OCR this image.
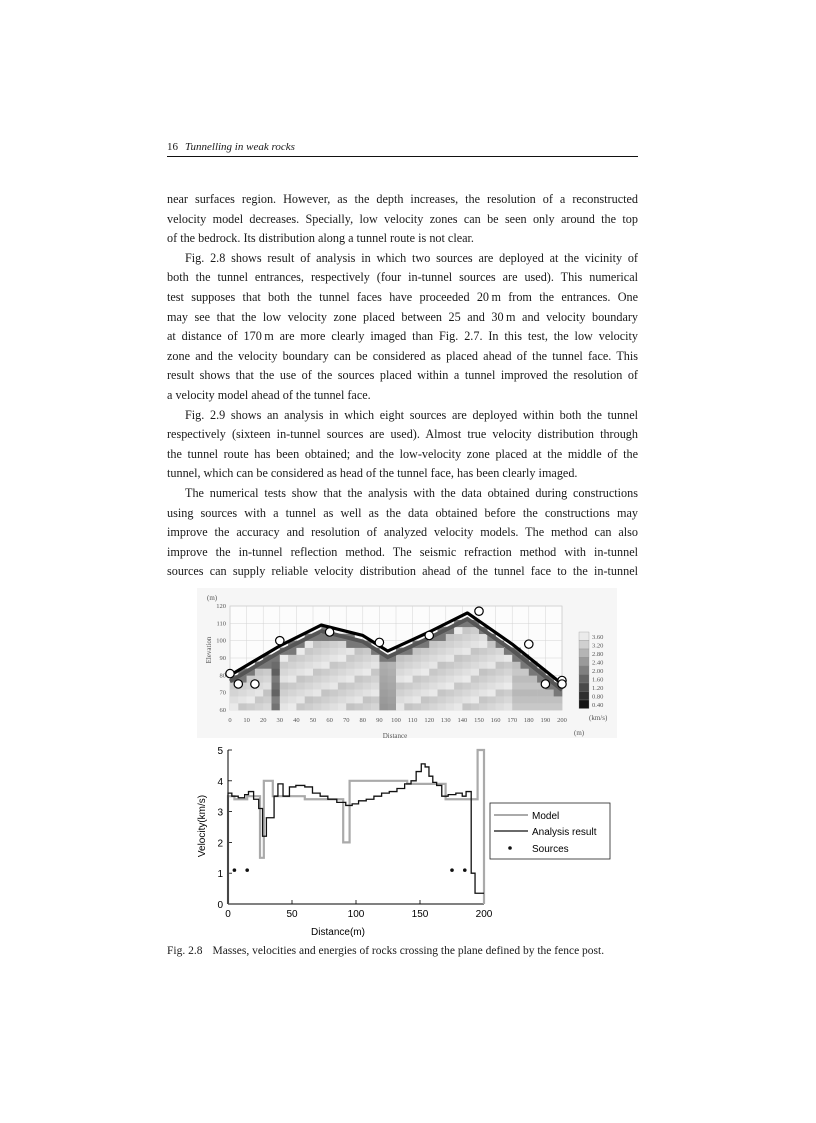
16 Tunnelling in weak rocks

near surfaces region. However, as the depth increases, the resolution of a reconstructed

velocity model decreases. Specially, low velocity zones can be seen only around the top

of the bedrock. Its distribution along a tunnel route is not clear.

Fig. 2.8 shows result of analysis in which two sources are deployed at the vicinity of

both the tunnel entrances, respectively (four in-tunnel sources are used). This numerical

test supposes that both the tunnel faces have proceeded 20 m from the entrances. One

may see that the low velocity zone placed between 25 and 30 m and velocity boundary

at distance of 170 m are more clearly imaged than Fig. 2.7. In this test, the low velocity

zone and the velocity boundary can be considered as placed ahead of the tunnel face. This

result shows that the use of the sources placed within a tunnel improved the resolution of

a velocity model ahead of the tunnel face.

Fig. 2.9 shows an analysis in which eight sources are deployed within both the tunnel

respectively (sixteen in-tunnel sources are used). Almost true velocity distribution through

the tunnel route has been obtained; and the low-velocity zone placed at the middle of the

tunnel, which can be considered as head of the tunnel face, has been clearly imaged.

The numerical tests show that the analysis with the data obtained during constructions

using sources with a tunnel as well as the data obtained before the constructions may

improve the accuracy and resolution of analyzed velocity models. The method can also

improve the in-tunnel reflection method. The seismic refraction method with in-tunnel

sources can supply reliable velocity distribution ahead of the tunnel face to the in-tunnel

0 10 20 30 40 50 60 70 80 90 100 110 120 130 140 150 160 170 180 190 200
60
70
80
90
100
110
120
3.60
3.20
2.80
2.40
2.00
1.60
1.20
0.80
0.40
(m)
Elevation
Distance	(m)
(km/s)
0	50	100	150	200
0
1
2
3
4
5
Distance(m)
Velocity(km/s)	Model
Analysis result
Sources
Fig. 2.8 Masses, velocities and energies of rocks crossing the plane defined by the fence post.
